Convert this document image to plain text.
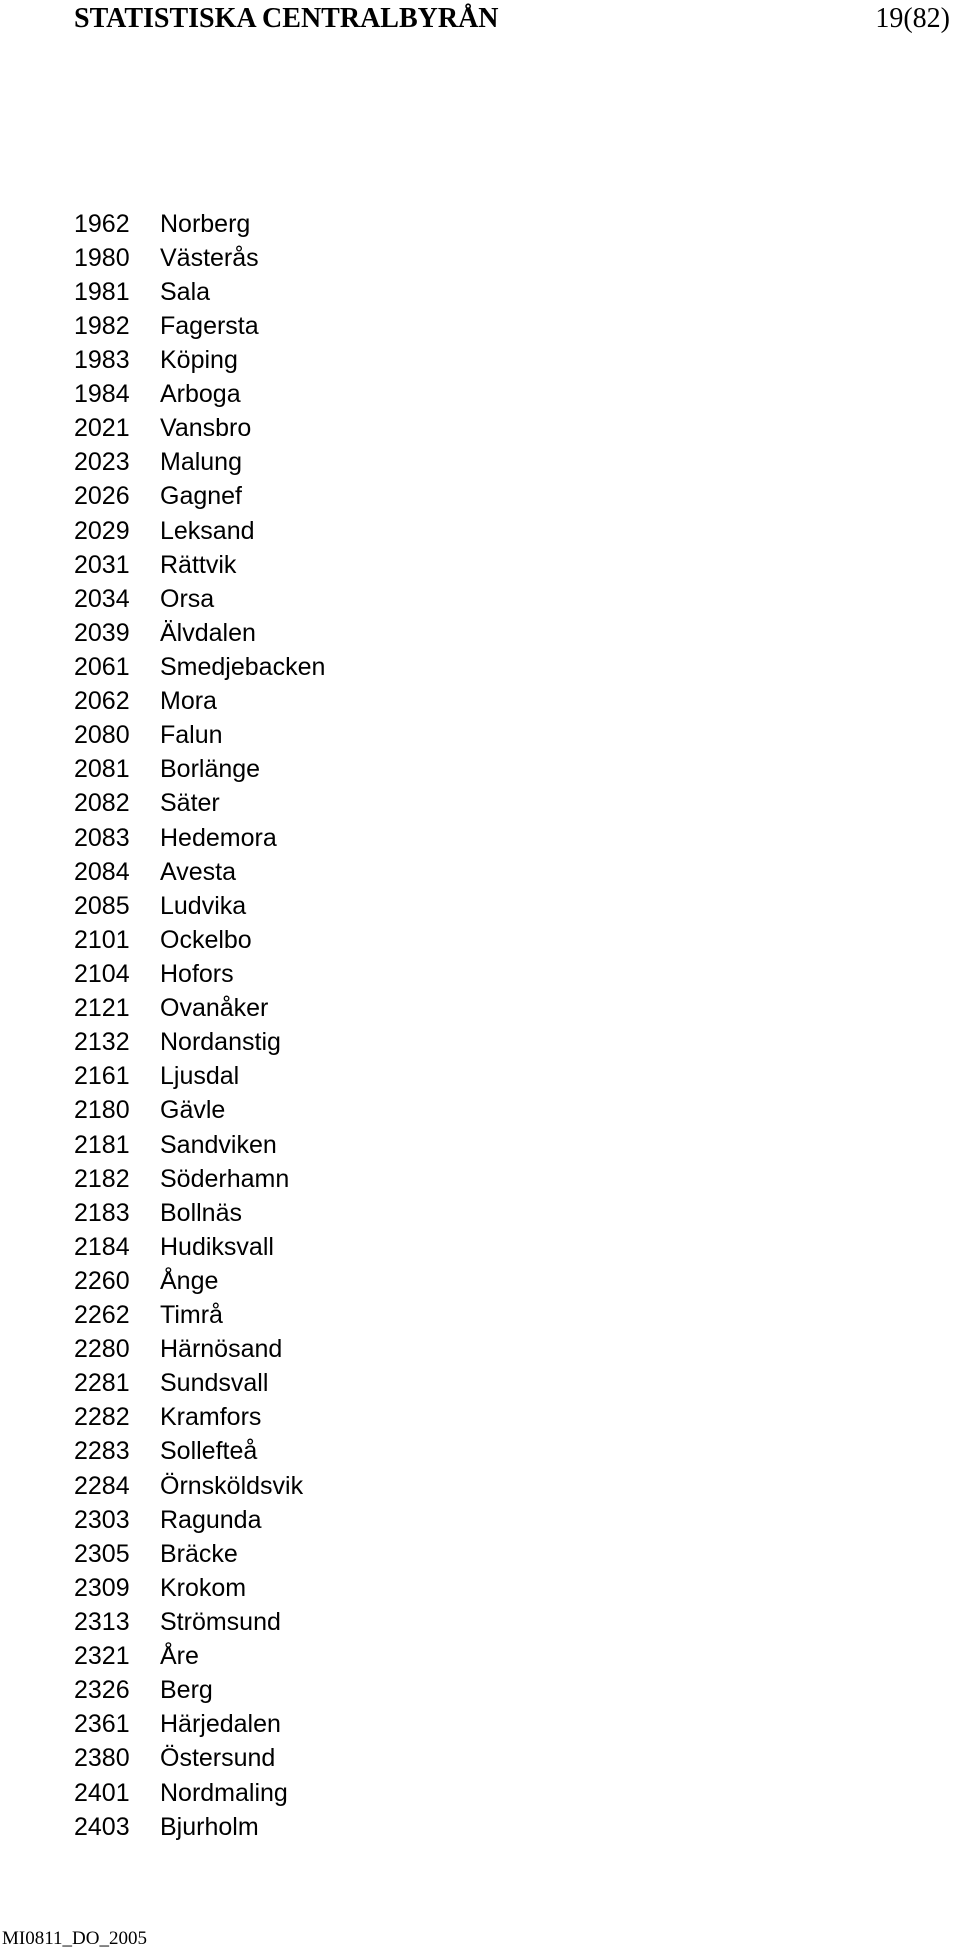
STATISTISKA CENTRALBYRÅN	19(82)
1962	Norberg
1980	Västerås
1981	Sala
1982	Fagersta
1983	Köping
1984	Arboga
2021	Vansbro
2023	Malung
2026	Gagnef
2029	Leksand
2031	Rättvik
2034	Orsa
2039	Älvdalen
2061	Smedjebacken
2062	Mora
2080	Falun
2081	Borlänge
2082	Säter
2083	Hedemora
2084	Avesta
2085	Ludvika
2101	Ockelbo
2104	Hofors
2121	Ovanåker
2132	Nordanstig
2161	Ljusdal
2180	Gävle
2181	Sandviken
2182	Söderhamn
2183	Bollnäs
2184	Hudiksvall
2260	Ånge
2262	Timrå
2280	Härnösand
2281	Sundsvall
2282	Kramfors
2283	Sollefteå
2284	Örnsköldsvik
2303	Ragunda
2305	Bräcke
2309	Krokom
2313	Strömsund
2321	Åre
2326	Berg
2361	Härjedalen
2380	Östersund
2401	Nordmaling
2403	Bjurholm
MI0811_DO_2005
